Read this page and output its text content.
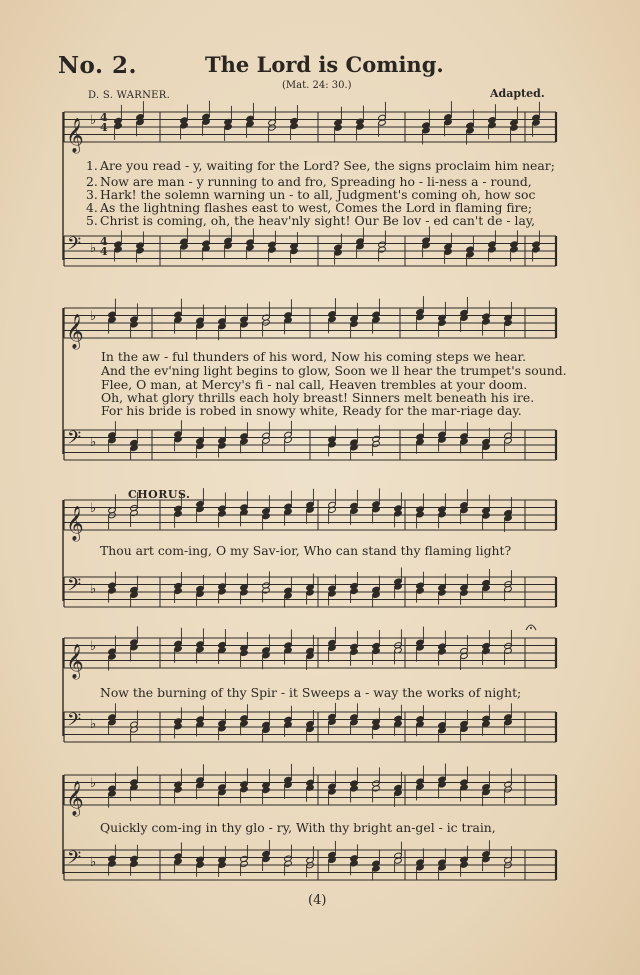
No. 2.	The Lord is Coming.
(Mat. 24: 30.)
D. S. WARNER.	Adapted.
𝄞 ♭ 4
4
𝄢 ♭ 4
4
𝄞 ♭
𝄢 ♭
𝄞 ♭
𝄢 ♭
𝄞 ♭
𝄢 ♭
𝄞 ♭
𝄢 ♭
1. Are you read - y, waiting for the Lord? See, the signs proclaim him near;
2. Now are man - y running to and fro, Spreading ho - li-ness a - round,
3. Hark! the solemn warning un - to all, Judgment's coming oh, how soc
4. As the lightning flashes east to west, Comes the Lord in flaming fire;
5. Christ is coming, oh, the heav'nly sight! Our Be lov - ed can't de - lay,
In the aw - ful thunders of his word, Now his coming steps we hear.
And the ev'ning light begins to glow, Soon we ll hear the trumpet's sound.
Flee, O man, at Mercy's fi - nal call, Heaven trembles at your doom.
Oh, what glory thrills each holy breast! Sinners melt beneath his ire.
For his bride is robed in snowy white, Ready for the mar-riage day.
CHORUS.
Thou art com-ing, O my Sav-ior, Who can stand thy flaming light?
Now the burning of thy Spir - it Sweeps a - way the works of night;
Quickly com-ing in thy glo - ry, With thy bright an-gel - ic train,
(4)
